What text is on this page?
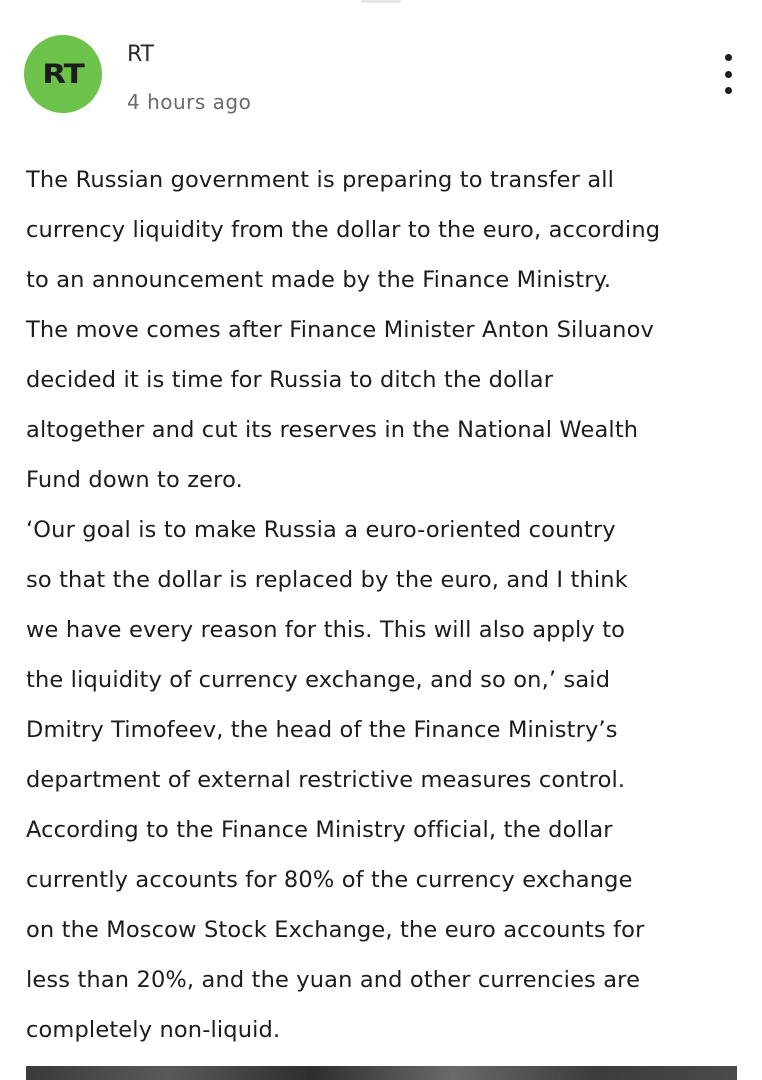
RT
RT
4 hours ago
The Russian government is preparing to transfer all
currency liquidity from the dollar to the euro, according
to an announcement made by the Finance Ministry.
The move comes after Finance Minister Anton Siluanov
decided it is time for Russia to ditch the dollar
altogether and cut its reserves in the National Wealth
Fund down to zero.
‘Our goal is to make Russia a euro-oriented country
so that the dollar is replaced by the euro, and I think
we have every reason for this. This will also apply to
the liquidity of currency exchange, and so on,’ said
Dmitry Timofeev, the head of the Finance Ministry’s
department of external restrictive measures control.
According to the Finance Ministry official, the dollar
currently accounts for 80% of the currency exchange
on the Moscow Stock Exchange, the euro accounts for
less than 20%, and the yuan and other currencies are
completely non-liquid.
